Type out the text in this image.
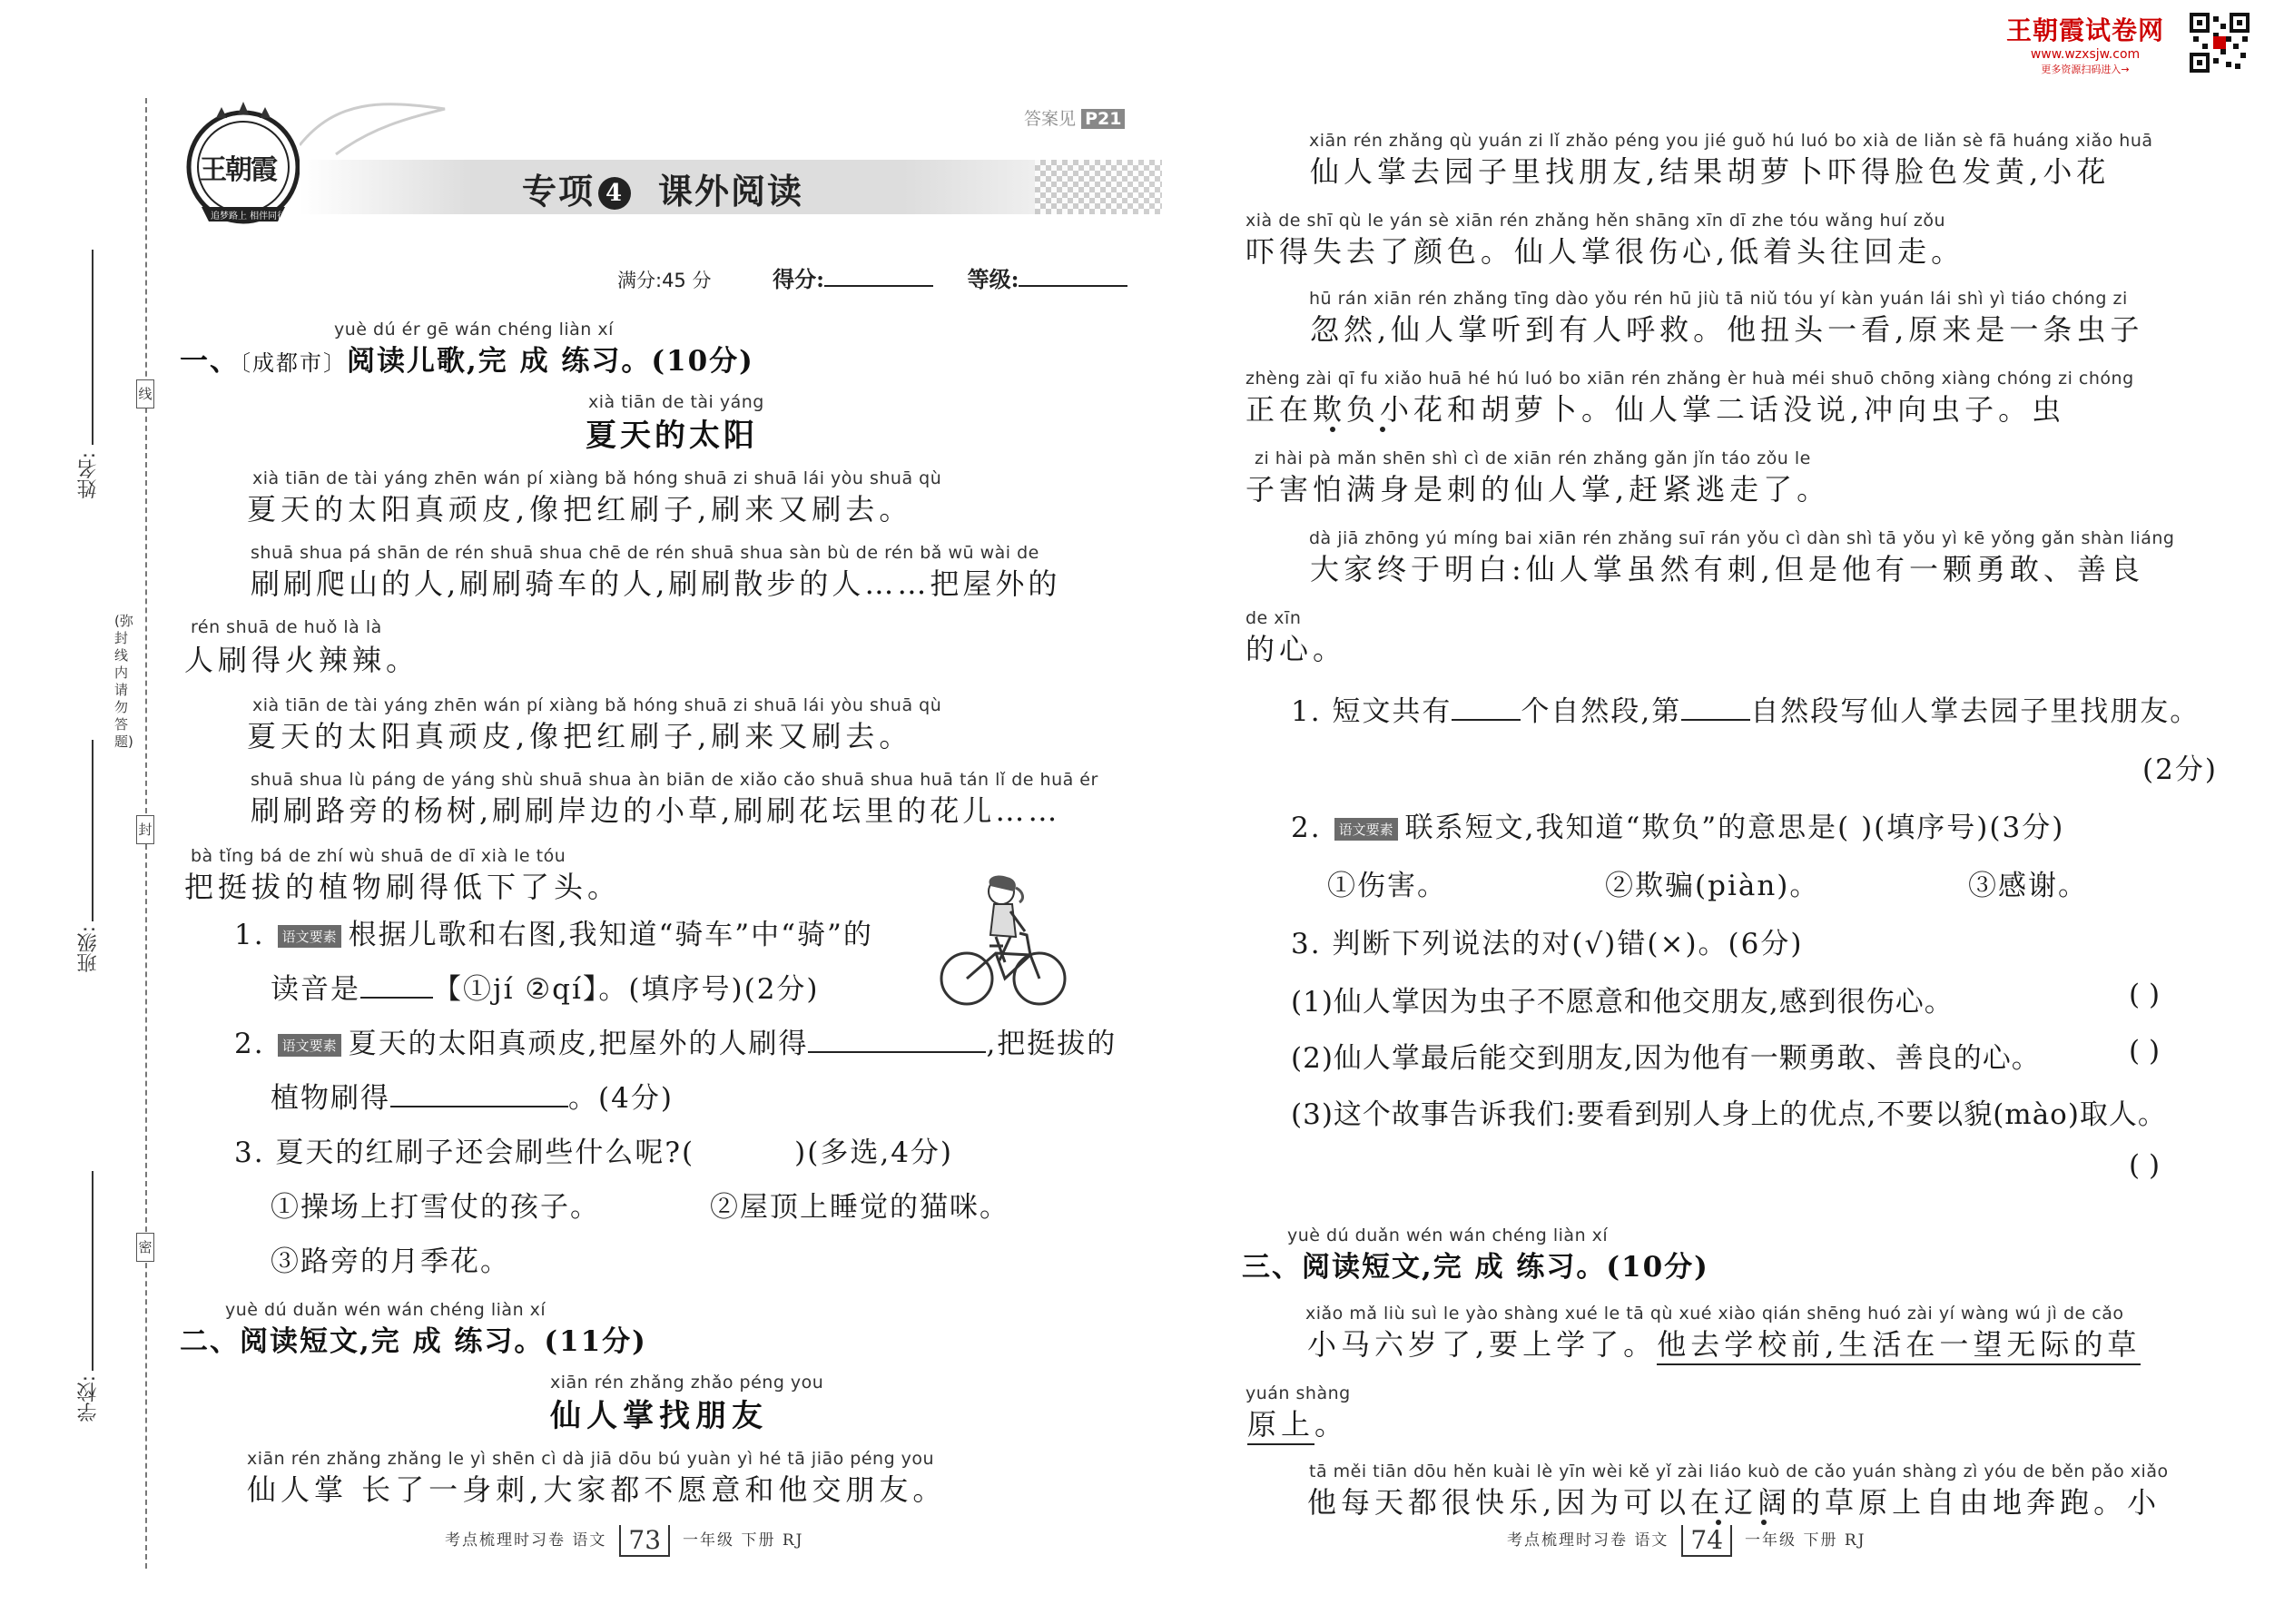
姓名:
班级:
学校:
(弥封线内请勿答题)
线
封
密
王朝霞
追梦路上 相伴同行
答案见 P21
专项 4 课外阅读
满分:45 分	得分:	等级:
yuè dú ér gē wán chéng liàn xí
一、〔成都市〕阅读儿歌,完 成 练习。(10分)
xià tiān de tài yáng
夏天的太阳
xià tiān de tài yáng zhēn wán pí xiàng bǎ hóng shuā zi shuā lái yòu shuā qù
夏天的太阳真顽皮,像把红刷子,刷来又刷去。
shuā shua pá shān de rén shuā shua chē de rén shuā shua sàn bù de rén bǎ wū wài de
刷刷爬山的人,刷刷骑车的人,刷刷散步的人……把屋外的
rén shuā de huǒ là là
人刷得火辣辣。
xià tiān de tài yáng zhēn wán pí xiàng bǎ hóng shuā zi shuā lái yòu shuā qù
夏天的太阳真顽皮,像把红刷子,刷来又刷去。
shuā shua lù páng de yáng shù shuā shua àn biān de xiǎo cǎo shuā shua huā tán lǐ de huā ér
刷刷路旁的杨树,刷刷岸边的小草,刷刷花坛里的花儿……
bà tǐng bá de zhí wù shuā de dī xià le tóu
把挺拔的植物刷得低下了头。
1. 语文要素 根据儿歌和右图,我知道“骑车”中“骑”的
读音是	【①jí ②qí】。(填序号)(2分)
2. 语文要素 夏天的太阳真顽皮,把屋外的人刷得	,把挺拔的
植物刷得	。(4分)
3. 夏天的红刷子还会刷些什么呢?(	)(多选,4分)
①操场上打雪仗的孩子。	②屋顶上睡觉的猫咪。
③路旁的月季花。
yuè dú duǎn wén wán chéng liàn xí
二、阅读短文,完 成 练习。(11分)
xiān rén zhǎng zhǎo péng you
仙人掌找朋友
xiān rén zhǎng zhǎng le yì shēn cì dà jiā dōu bú yuàn yì hé tā jiāo péng you
仙人掌 长了一身刺,大家都不愿意和他交朋友。
考点梳理时习卷 语文 73 一年级 下册 RJ
王朝霞试卷网
www.wzxsjw.com
更多资源扫码进入→
xiān rén zhǎng qù yuán zi lǐ zhǎo péng you jié guǒ hú luó bo xià de liǎn sè fā huáng xiǎo huā
仙人掌去园子里找朋友,结果胡萝卜吓得脸色发黄,小花
xià de shī qù le yán sè xiān rén zhǎng hěn shāng xīn dī zhe tóu wǎng huí zǒu
吓得失去了颜色。仙人掌很伤心,低着头往回走。
hū rán xiān rén zhǎng tīng dào yǒu rén hū jiù tā niǔ tóu yí kàn yuán lái shì yì tiáo chóng zi
忽然,仙人掌听到有人呼救。他扭头一看,原来是一条虫子
zhèng zài qī fu xiǎo huā hé hú luó bo xiān rén zhǎng èr huà méi shuō chōng xiàng chóng zi chóng
正在欺负小花和胡萝卜。仙人掌二话没说,冲向虫子。虫
zi hài pà mǎn shēn shì cì de xiān rén zhǎng gǎn jǐn táo zǒu le
子害怕满身是刺的仙人掌,赶紧逃走了。
dà jiā zhōng yú míng bai xiān rén zhǎng suī rán yǒu cì dàn shì tā yǒu yì kē yǒng gǎn shàn liáng
大家终于明白:仙人掌虽然有刺,但是他有一颗勇敢、善良
de xīn
的心。
1. 短文共有 个自然段,第 自然段写仙人掌去园子里找朋友。
(2分)
2. 语文要素 联系短文,我知道“欺负”的意思是( )(填序号)(3分)
①伤害。	②欺骗(piàn)。	③感谢。
3. 判断下列说法的对(√)错(×)。(6分)
(1)仙人掌因为虫子不愿意和他交朋友,感到很伤心。	( )
(2)仙人掌最后能交到朋友,因为他有一颗勇敢、善良的心。	( )
(3)这个故事告诉我们:要看到别人身上的优点,不要以貌(mào)取人。
( )
yuè dú duǎn wén wán chéng liàn xí
三、阅读短文,完 成 练习。(10分)
xiǎo mǎ liù suì le yào shàng xué le tā qù xué xiào qián shēng huó zài yí wàng wú jì de cǎo
小马六岁了,要上学了。他去学校前,生活在一望无际的草
yuán shàng
原上。
tā měi tiān dōu hěn kuài lè yīn wèi kě yǐ zài liáo kuò de cǎo yuán shàng zì yóu de běn pǎo xiǎo
他每天都很快乐,因为可以在辽阔的草原上自由地奔跑。小
考点梳理时习卷 语文 74 一年级 下册 RJ
